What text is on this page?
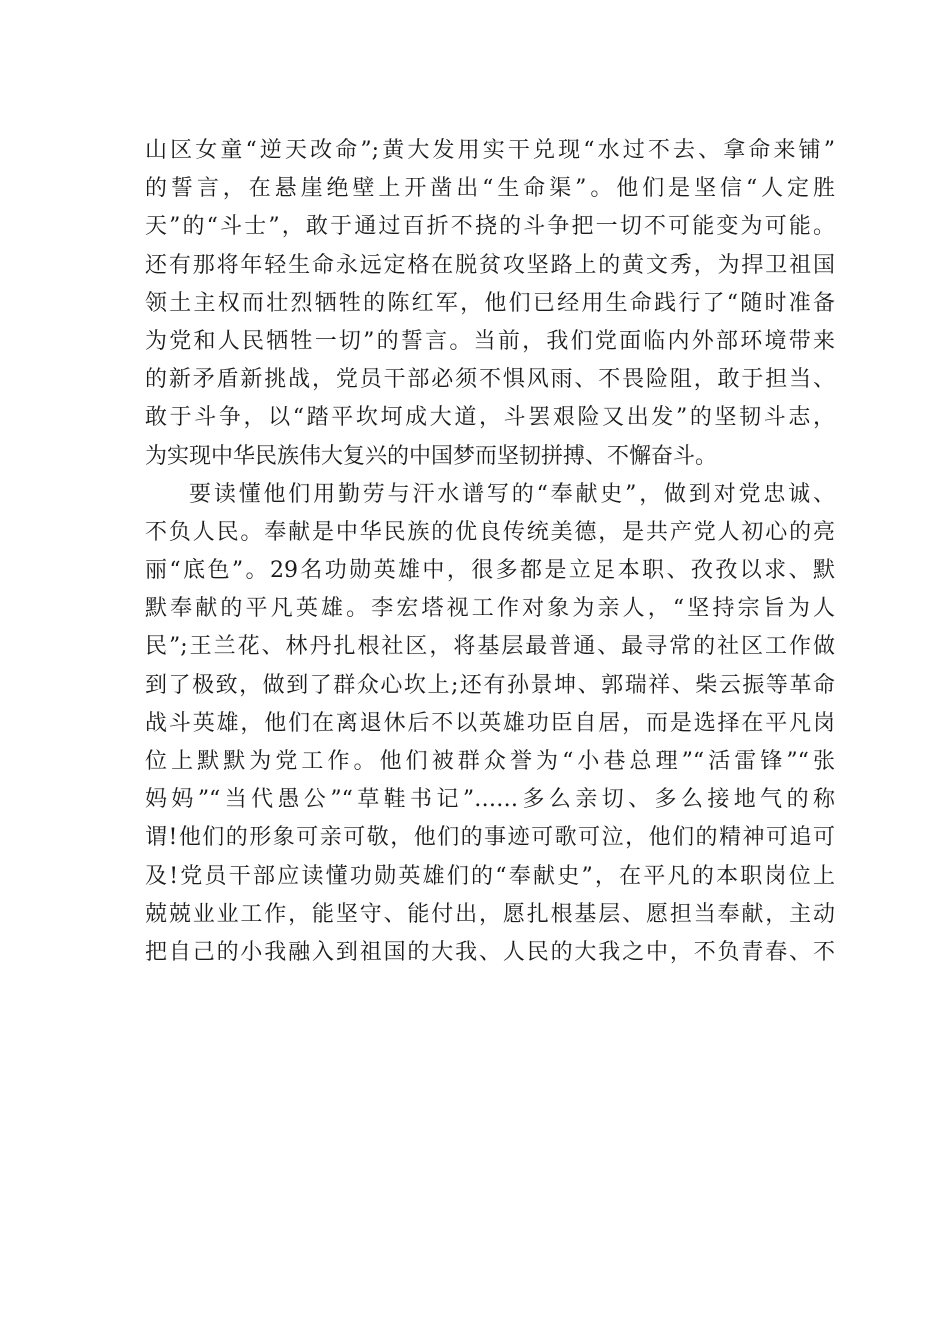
山区女童“逆天改命”;黄大发用实干兑现“水过不去、拿命来铺”

的誓言，在悬崖绝壁上开凿出“生命渠”。他们是坚信“人定胜

天”的“斗士”，敢于通过百折不挠的斗争把一切不可能变为可能。

还有那将年轻生命永远定格在脱贫攻坚路上的黄文秀，为捍卫祖国

领土主权而壮烈牺牲的陈红军，他们已经用生命践行了“随时准备

为党和人民牺牲一切”的誓言。当前，我们党面临内外部环境带来

的新矛盾新挑战，党员干部必须不惧风雨、不畏险阻，敢于担当、

敢于斗争，以“踏平坎坷成大道，斗罢艰险又出发”的坚韧斗志，

为实现中华民族伟大复兴的中国梦而坚韧拼搏、不懈奋斗。

要读懂他们用勤劳与汗水谱写的“奉献史”，做到对党忠诚、

不负人民。奉献是中华民族的优良传统美德，是共产党人初心的亮

丽“底色”。29名功勋英雄中，很多都是立足本职、孜孜以求、默

默奉献的平凡英雄。李宏塔视工作对象为亲人，“坚持宗旨为人

民”;王兰花、林丹扎根社区，将基层最普通、最寻常的社区工作做

到了极致，做到了群众心坎上;还有孙景坤、郭瑞祥、柴云振等革命

战斗英雄，他们在离退休后不以英雄功臣自居，而是选择在平凡岗

位上默默为党工作。他们被群众誉为“小巷总理”“活雷锋”“张

妈妈”“当代愚公”“草鞋书记”……多么亲切、多么接地气的称

谓!他们的形象可亲可敬，他们的事迹可歌可泣，他们的精神可追可

及!党员干部应读懂功勋英雄们的“奉献史”，在平凡的本职岗位上

兢兢业业工作，能坚守、能付出，愿扎根基层、愿担当奉献，主动

把自己的小我融入到祖国的大我、人民的大我之中，不负青春、不
